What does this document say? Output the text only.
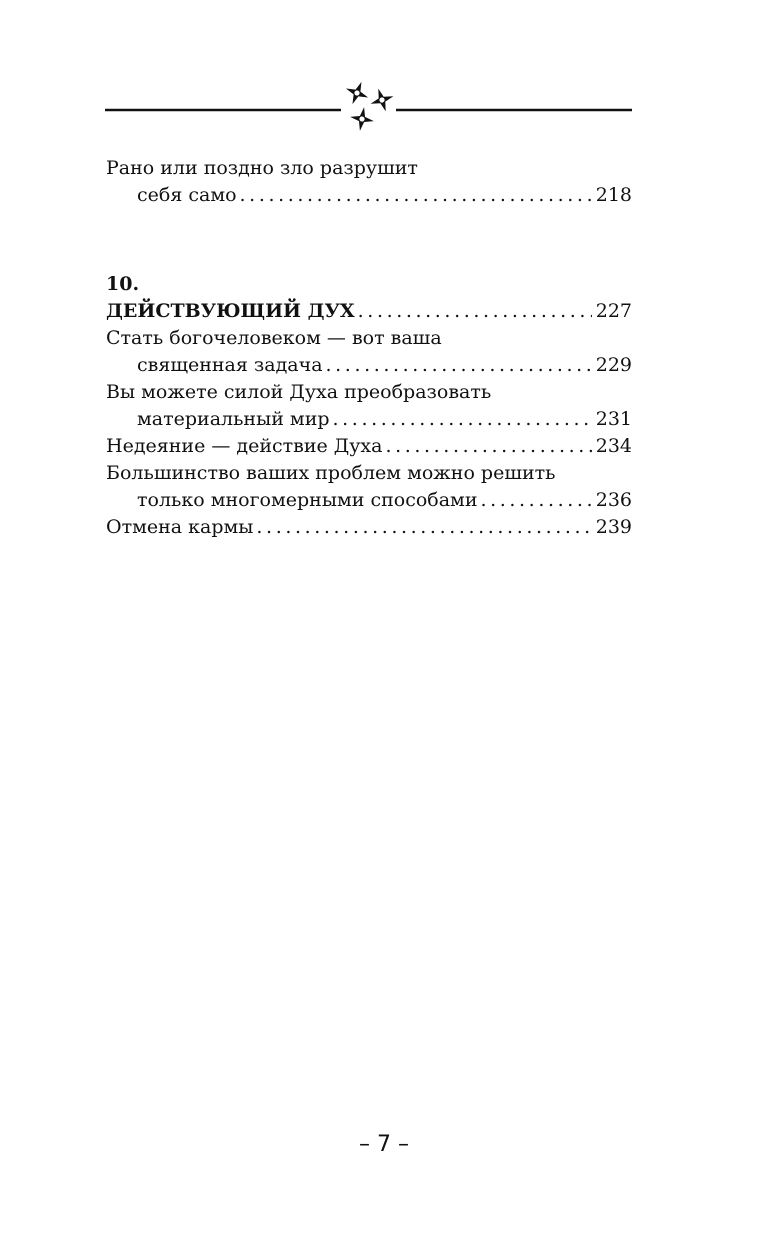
Рано или поздно зло разрушит
себя само .....	218
10.
ДЕЙСТВУЮЩИЙ ДУХ .....	227
Стать богочеловеком — вот ваша
священная задача .....	229
Вы можете силой Духа преобразовать
материальный мир .....	231
Недеяние — действие Духа .....	234
Большинство ваших проблем можно решить
только многомерными способами .....	236
Отмена кармы .....	239
– 7 –
